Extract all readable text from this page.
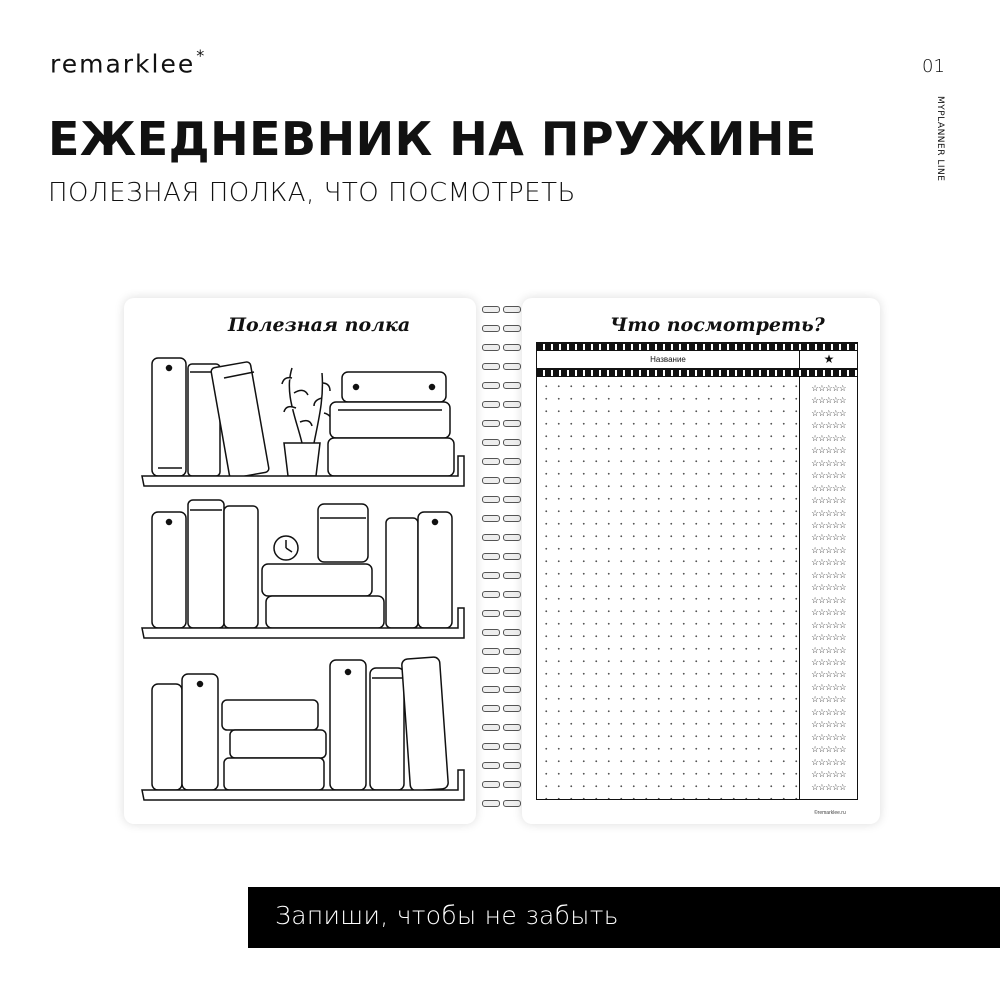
remarklee*
01
MYPLANNER LINE
ЕЖЕДНЕВНИК НА ПРУЖИНЕ
ПОЛЕЗНАЯ ПОЛКА, ЧТО ПОСМОТРЕТЬ
Полезная полка	Что посмотреть?
Название	★
☆☆☆☆☆
☆☆☆☆☆
☆☆☆☆☆
☆☆☆☆☆
☆☆☆☆☆
☆☆☆☆☆
☆☆☆☆☆
☆☆☆☆☆
☆☆☆☆☆
☆☆☆☆☆
☆☆☆☆☆
☆☆☆☆☆
☆☆☆☆☆
☆☆☆☆☆
☆☆☆☆☆
☆☆☆☆☆
☆☆☆☆☆
☆☆☆☆☆
☆☆☆☆☆
☆☆☆☆☆
☆☆☆☆☆
☆☆☆☆☆
☆☆☆☆☆
☆☆☆☆☆
☆☆☆☆☆
☆☆☆☆☆
☆☆☆☆☆
☆☆☆☆☆
☆☆☆☆☆
☆☆☆☆☆
☆☆☆☆☆
☆☆☆☆☆
☆☆☆☆☆
©remarklee.ru
Запиши, чтобы не забыть
